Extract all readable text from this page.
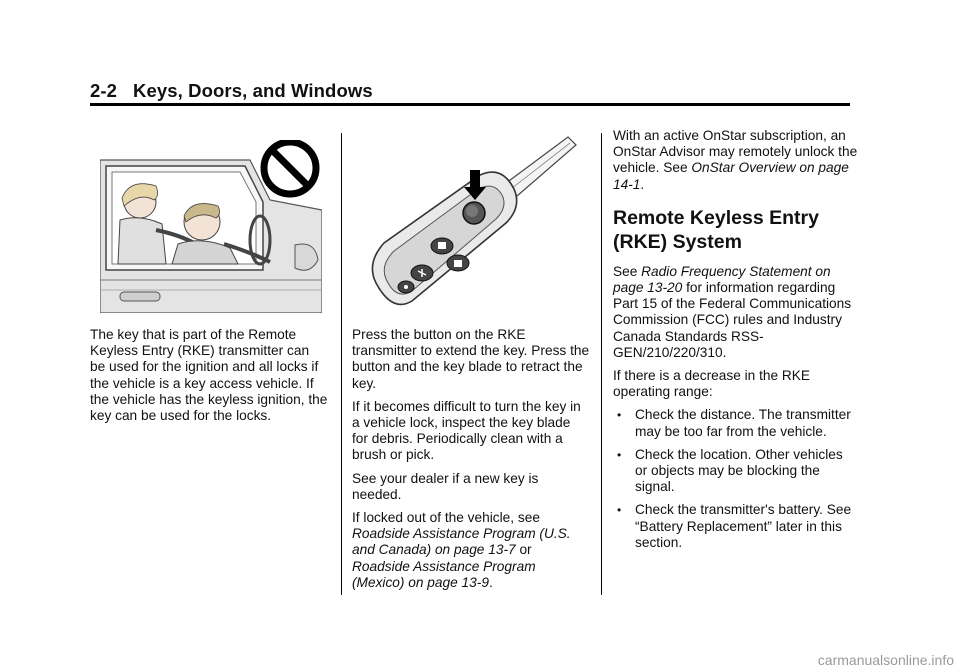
2-2 Keys, Doors, and Windows

The key that is part of the Remote Keyless Entry (RKE) transmitter can be used for the ignition and all locks if the vehicle is a key access vehicle. If the vehicle has the keyless ignition, the key can be used for the locks.

Press the button on the RKE transmitter to extend the key. Press the button and the key blade to retract the key.

If it becomes difficult to turn the key in a vehicle lock, inspect the key blade for debris. Periodically clean with a brush or pick.

See your dealer if a new key is needed.

If locked out of the vehicle, see Roadside Assistance Program (U.S. and Canada) on page 13-7 or Roadside Assistance Program (Mexico) on page 13-9.

With an active OnStar subscription, an OnStar Advisor may remotely unlock the vehicle. See OnStar Overview on page 14-1.

Remote Keyless Entry (RKE) System

See Radio Frequency Statement on page 13-20 for information regarding Part 15 of the Federal Communications Commission (FCC) rules and Industry Canada Standards RSS-GEN/210/220/310.

If there is a decrease in the RKE operating range:

• Check the distance. The transmitter may be too far from the vehicle.
• Check the location. Other vehicles or objects may be blocking the signal.
• Check the transmitter's battery. See “Battery Replacement” later in this section.
carmanualsonline.info
